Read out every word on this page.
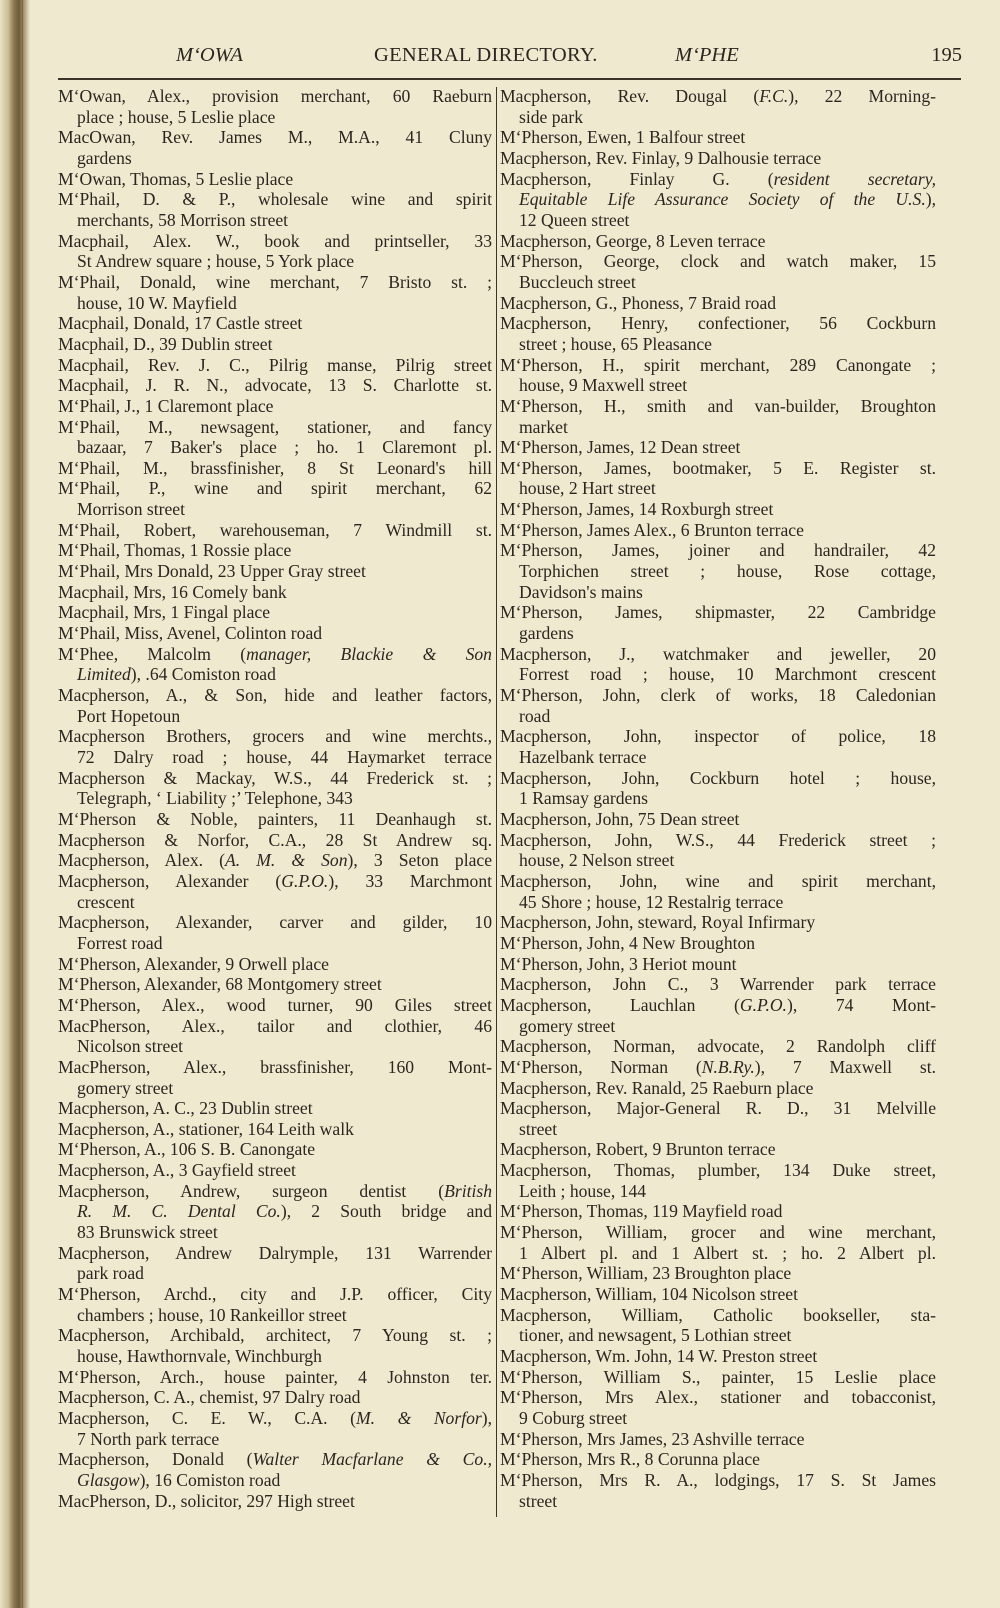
M‘OWA	GENERAL DIRECTORY.	M‘PHE	195
M‘Owan, Alex., provision merchant, 60 Raeburn
place ; house, 5 Leslie place
MacOwan, Rev. James M., M.A., 41 Cluny
gardens
M‘Owan, Thomas, 5 Leslie place
M‘Phail, D. & P., wholesale wine and spirit
merchants, 58 Morrison street
Macphail, Alex. W., book and printseller, 33
St Andrew square ; house, 5 York place
M‘Phail, Donald, wine merchant, 7 Bristo st. ;
house, 10 W. Mayfield
Macphail, Donald, 17 Castle street
Macphail, D., 39 Dublin street
Macphail, Rev. J. C., Pilrig manse, Pilrig street
Macphail, J. R. N., advocate, 13 S. Charlotte st.
M‘Phail, J., 1 Claremont place
M‘Phail, M., newsagent, stationer, and fancy
bazaar, 7 Baker's place ; ho. 1 Claremont pl.
M‘Phail, M., brassfinisher, 8 St Leonard's hill
M‘Phail, P., wine and spirit merchant, 62
Morrison street
M‘Phail, Robert, warehouseman, 7 Windmill st.
M‘Phail, Thomas, 1 Rossie place
M‘Phail, Mrs Donald, 23 Upper Gray street
Macphail, Mrs, 16 Comely bank
Macphail, Mrs, 1 Fingal place
M‘Phail, Miss, Avenel, Colinton road
M‘Phee, Malcolm (manager, Blackie & Son
Limited), .64 Comiston road
Macpherson, A., & Son, hide and leather factors,
Port Hopetoun
Macpherson Brothers, grocers and wine merchts.,
72 Dalry road ; house, 44 Haymarket terrace
Macpherson & Mackay, W.S., 44 Frederick st. ;
Telegraph, ‘ Liability ;’ Telephone, 343
M‘Pherson & Noble, painters, 11 Deanhaugh st.
Macpherson & Norfor, C.A., 28 St Andrew sq.
Macpherson, Alex. (A. M. & Son), 3 Seton place
Macpherson, Alexander (G.P.O.), 33 Marchmont
crescent
Macpherson, Alexander, carver and gilder, 10
Forrest road
M‘Pherson, Alexander, 9 Orwell place
M‘Pherson, Alexander, 68 Montgomery street
M‘Pherson, Alex., wood turner, 90 Giles street
MacPherson, Alex., tailor and clothier, 46
Nicolson street
MacPherson, Alex., brassfinisher, 160 Mont-
gomery street
Macpherson, A. C., 23 Dublin street
Macpherson, A., stationer, 164 Leith walk
M‘Pherson, A., 106 S. B. Canongate
Macpherson, A., 3 Gayfield street
Macpherson, Andrew, surgeon dentist (British
R. M. C. Dental Co.), 2 South bridge and
83 Brunswick street
Macpherson, Andrew Dalrymple, 131 Warrender
park road
M‘Pherson, Archd., city and J.P. officer, City
chambers ; house, 10 Rankeillor street
Macpherson, Archibald, architect, 7 Young st. ;
house, Hawthornvale, Winchburgh
M‘Pherson, Arch., house painter, 4 Johnston ter.
Macpherson, C. A., chemist, 97 Dalry road
Macpherson, C. E. W., C.A. (M. & Norfor),
7 North park terrace
Macpherson, Donald (Walter Macfarlane & Co.,
Glasgow), 16 Comiston road
MacPherson, D., solicitor, 297 High street
Macpherson, Rev. Dougal (F.C.), 22 Morning-
side park
M‘Pherson, Ewen, 1 Balfour street
Macpherson, Rev. Finlay, 9 Dalhousie terrace
Macpherson, Finlay G. (resident secretary,
Equitable Life Assurance Society of the U.S.),
12 Queen street
Macpherson, George, 8 Leven terrace
M‘Pherson, George, clock and watch maker, 15
Buccleuch street
Macpherson, G., Phoness, 7 Braid road
Macpherson, Henry, confectioner, 56 Cockburn
street ; house, 65 Pleasance
M‘Pherson, H., spirit merchant, 289 Canongate ;
house, 9 Maxwell street
M‘Pherson, H., smith and van-builder, Broughton
market
M‘Pherson, James, 12 Dean street
M‘Pherson, James, bootmaker, 5 E. Register st.
house, 2 Hart street
M‘Pherson, James, 14 Roxburgh street
M‘Pherson, James Alex., 6 Brunton terrace
M‘Pherson, James, joiner and handrailer, 42
Torphichen street ; house, Rose cottage,
Davidson's mains
M‘Pherson, James, shipmaster, 22 Cambridge
gardens
Macpherson, J., watchmaker and jeweller, 20
Forrest road ; house, 10 Marchmont crescent
M‘Pherson, John, clerk of works, 18 Caledonian
road
Macpherson, John, inspector of police, 18
Hazelbank terrace
Macpherson, John, Cockburn hotel ; house,
1 Ramsay gardens
Macpherson, John, 75 Dean street
Macpherson, John, W.S., 44 Frederick street ;
house, 2 Nelson street
Macpherson, John, wine and spirit merchant,
45 Shore ; house, 12 Restalrig terrace
Macpherson, John, steward, Royal Infirmary
M‘Pherson, John, 4 New Broughton
M‘Pherson, John, 3 Heriot mount
Macpherson, John C., 3 Warrender park terrace
Macpherson, Lauchlan (G.P.O.), 74 Mont-
gomery street
Macpherson, Norman, advocate, 2 Randolph cliff
M‘Pherson, Norman (N.B.Ry.), 7 Maxwell st.
Macpherson, Rev. Ranald, 25 Raeburn place
Macpherson, Major-General R. D., 31 Melville
street
Macpherson, Robert, 9 Brunton terrace
Macpherson, Thomas, plumber, 134 Duke street,
Leith ; house, 144
M‘Pherson, Thomas, 119 Mayfield road
M‘Pherson, William, grocer and wine merchant,
1 Albert pl. and 1 Albert st. ; ho. 2 Albert pl.
M‘Pherson, William, 23 Broughton place
Macpherson, William, 104 Nicolson street
Macpherson, William, Catholic bookseller, sta-
tioner, and newsagent, 5 Lothian street
Macpherson, Wm. John, 14 W. Preston street
M‘Pherson, William S., painter, 15 Leslie place
M‘Pherson, Mrs Alex., stationer and tobacconist,
9 Coburg street
M‘Pherson, Mrs James, 23 Ashville terrace
M‘Pherson, Mrs R., 8 Corunna place
M‘Pherson, Mrs R. A., lodgings, 17 S. St James
street
